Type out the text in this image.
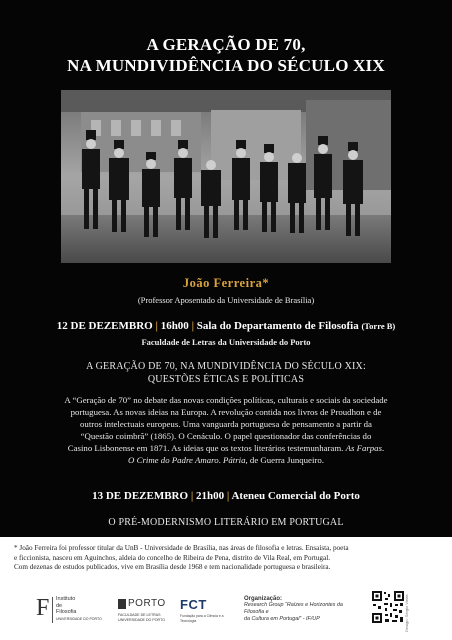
A GERAÇÃO DE 70,
NA MUNDIVIDÊNCIA DO SÉCULO XIX
João Ferreira*
(Professor Aposentado da Universidade de Brasília)
12 DE DEZEMBRO | 16h00 | Sala do Departamento de Filosofia (Torre B)
Faculdade de Letras da Universidade do Porto
A GERAÇÃO DE 70, NA MUNDIVIDÊNCIA DO SÉCULO XIX:
QUESTÕES ÉTICAS E POLÍTICAS
A “Geração de 70” no debate das novas condições políticas, culturais e sociais da sociedade
portuguesa. As novas ideias na Europa. A revolução contida nos livros de Proudhon e de
outros intelectuais europeus. Uma vanguarda portuguesa de pensamento a partir da
“Questão coimbrã” (1865). O Cenáculo. O papel questionador das conferências do
Casino Lisbonense em 1871. As ideias que os textos literários testemunharam. As Farpas.
O Crime do Padre Amaro. Pátria, de Guerra Junqueiro.
13 DE DEZEMBRO | 21h00 | Ateneu Comercial do Porto
O PRÉ-MODERNISMO LITERÁRIO EM PORTUGAL
* João Ferreira foi professor titular da UnB - Universidade de Brasília, nas áreas de filosofia e letras. Ensaísta, poeta
e ficcionista, nasceu em Aguinchos, aldeia do concelho de Ribeira de Pena, distrito de Vila Real, em Portugal.
Com dezenas de estudos publicados, vive em Brasília desde 1968 e tem nacionalidade portuguesa e brasileira.
F Instituto
de
Filosofia
UNIVERSIDADE DO PORTO
PORTO
FACULDADE DE LETRAS
UNIVERSIDADE DO PORTO
FCT
Fundação para a Ciência e a Tecnologia
Organização:
Research Group “Raízes e Horizontes da Filosofia e
da Cultura em Portugal” - IF/UP	Design: Sérgio Vieira
